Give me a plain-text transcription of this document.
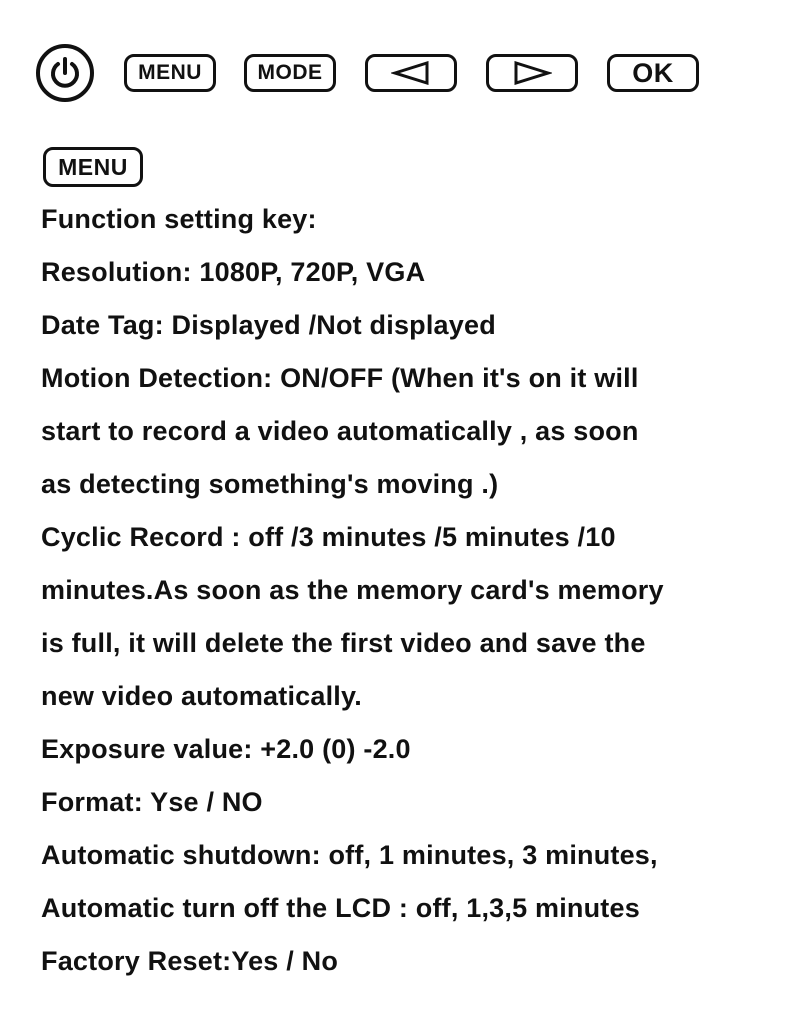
MENU	MODE	OK
MENU
Function setting key:
Resolution: 1080P, 720P, VGA
Date Tag: Displayed /Not displayed
Motion Detection: ON/OFF (When it's on it will
start to record a video automatically , as soon
as detecting something's moving .)
Cyclic Record : off /3 minutes /5 minutes /10
minutes.As soon as the memory card's memory
is full, it will delete the first video and save the
new video automatically.
Exposure value: +2.0 (0) -2.0
Format: Yse / NO
Automatic shutdown: off, 1 minutes, 3 minutes,
Automatic turn off the LCD : off, 1,3,5 minutes
Factory Reset:Yes / No
